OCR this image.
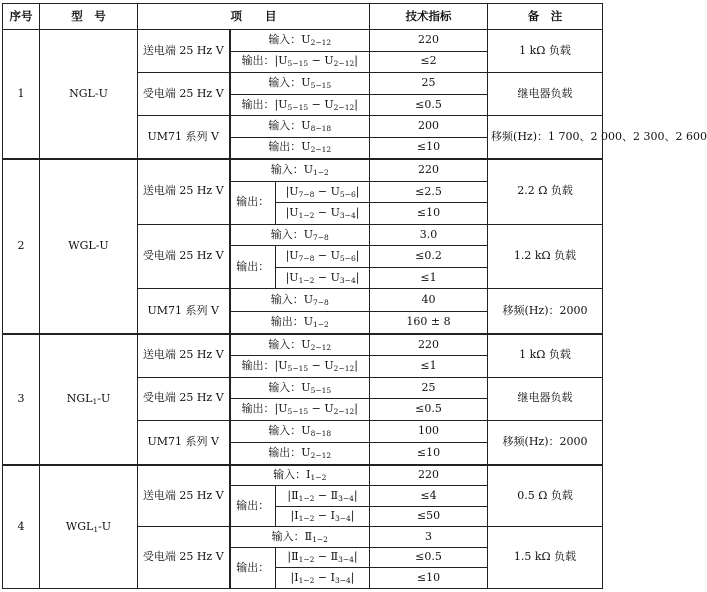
序号	型　号	项　　目			技术指标	备　注
1	NGL-U	送电端 25 Hz V	输入：U2−12		220	1 kΩ 负载
			输出：|U5−15 − U2−12|		≤2	
		受电端 25 Hz V	输入：U5−15		25	继电器负载
			输出：|U5−15 − U2−12|		≤0.5	
		UM71 系列 V	输入：U8−18		200	移频(Hz)：1 700、2 000、2 300、2 600
			输出：U2−12		≤10	
2	WGL-U	送电端 25 Hz V	输入：U1−2		220	2.2 Ω 负载
			输出：	|U7−8 − U5−6|	≤2.5	
				|U1−2 − U3−4|	≤10	
		受电端 25 Hz V	输入：U7−8		3.0	1.2 kΩ 负载
			输出：	|U7−8 − U5−6|	≤0.2	
				|U1−2 − U3−4|	≤1	
		UM71 系列 V	输入：U7−8		40	移频(Hz)：2000
			输出：U1−2		160 ± 8	
3	NGL1-U	送电端 25 Hz V	输入：U2−12		220	1 kΩ 负载
			输出：|U5−15 − U2−12|		≤1	
		受电端 25 Hz V	输入：U5−15		25	继电器负载
			输出：|U5−15 − U2−12|		≤0.5	
		UM71 系列 V	输入：U8−18		100	移频(Hz)：2000
			输出：U2−12		≤10	
4	WGL1-U	送电端 25 Hz V	输入：Ⅰ1−2		220	0.5 Ω 负载
			输出：	|Ⅱ1−2 − Ⅱ3−4|	≤4	
				|Ⅰ1−2 − Ⅰ3−4|	≤50	
		受电端 25 Hz V	输入：Ⅱ1−2		3	1.5 kΩ 负载
			输出：	|Ⅱ1−2 − Ⅱ3−4|	≤0.5	
				|Ⅰ1−2 − Ⅰ3−4|	≤10	
